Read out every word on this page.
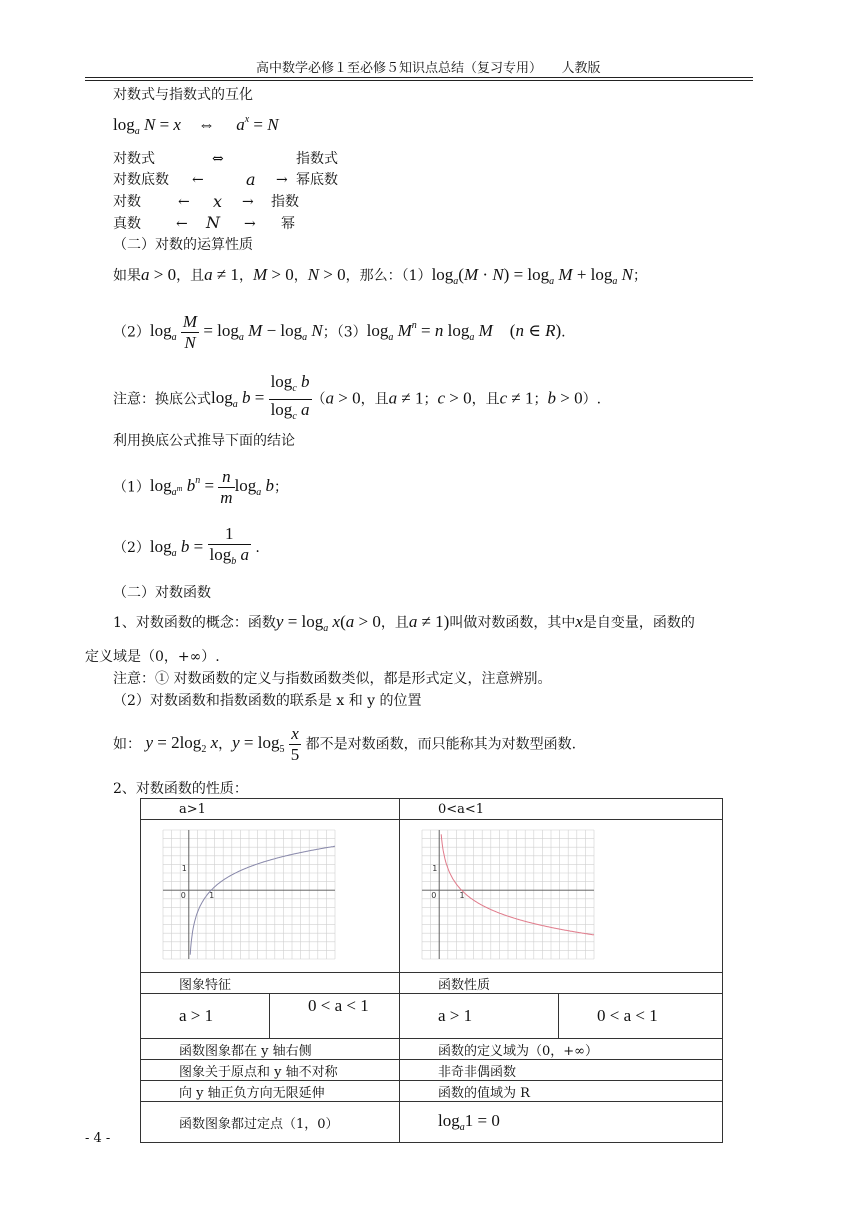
高中数学必修１至必修５知识点总结（复习专用）　　人教版
对数式与指数式的互化
$\log_a N = x$    ⇔     $a^x = N$
对数式	⇔	指数式
对数底数 ←	a → 幂底数
对数	← x → 指数
真数	← N → 幂
（二）对数的运算性质
如果a > 0，且a ≠ 1，M > 0，N > 0，那么：$(1)\log_a(M \cdot N) = \log_a M + \log_a N$；
$(2)\log_a \frac{M}{N} = \log_a M - \log_a N$；$(3)\log_a$ $M^n = n$ $\log_a M$    (n ∈ R).
注意：换底公式$\log_a b = \frac{\log_c b}{\log_c a} (a > 0$，且a ≠ 1；c > 0，且c ≠ 1；b > 0）.
利用换底公式推导下面的结论
$(1)\log_{a^m}$ $b^n = \frac{n}{m} \log_a b$；
$(2)\log_a$ $b = \frac{1}{\log_b a}$ .
（二）对数函数
1、对数函数的概念：函数$y = \log_a x(a > 0$，且a ≠ 1)叫做对数函数，其中x是自变量，函数的
定义域是（0，+∞）.
注意：① 对数函数的定义与指数函数类似，都是形式定义，注意辨别。
（2）对数函数和指数函数的联系是 x 和 y 的位置
如： $y = 2\log_2$ x，$y = \log_5 \frac{x}{5}$ 都不是对数函数，而只能称其为对数型函数.
2、对数函数的性质：
a>1		0<a<1	

0 1
1		0 1
1	

图象特征		函数性质	
a > 1	0 < a < 1	a > 1	0 < a < 1
函数图象都在 y 轴右侧		函数的定义域为（0，+∞）	
图象关于原点和 y 轴不对称		非奇非偶函数	
向 y 轴正负方向无限延伸		函数的值域为 R	
函数图象都过定点（1，0）		$\log_a1 = 0$	
- 4 -
